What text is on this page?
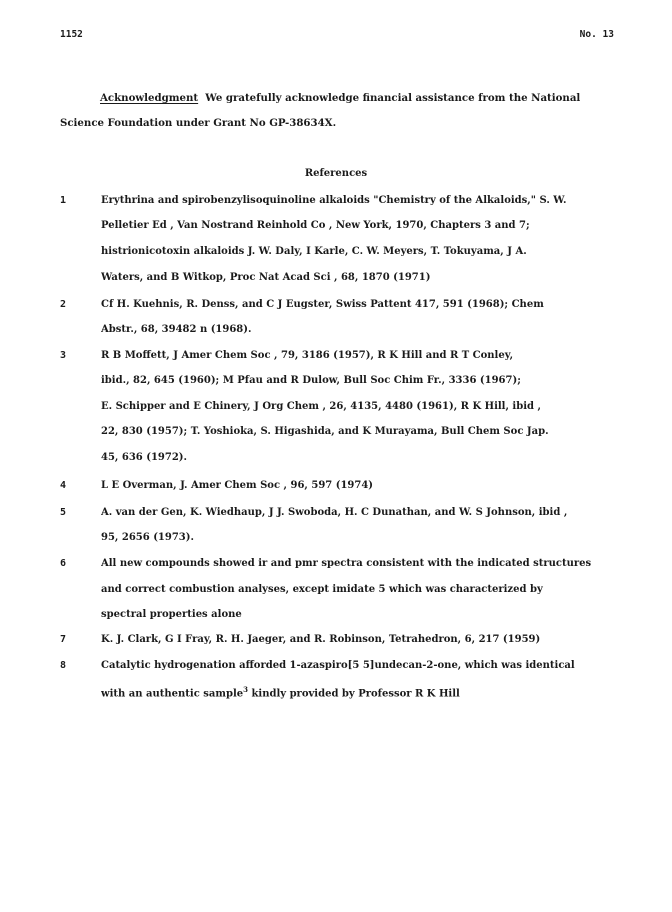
1152	No. 13
Acknowledgment We gratefully acknowledge financial assistance from the National
Science Foundation under Grant No GP-38634X.
References
1	Erythrina and spirobenzylisoquinoline alkaloids "Chemistry of the Alkaloids," S. W.
Pelletier Ed , Van Nostrand Reinhold Co , New York, 1970, Chapters 3 and 7;
histrionicotoxin alkaloids J. W. Daly, I Karle, C. W. Meyers, T. Tokuyama, J A.
Waters, and B Witkop, Proc Nat Acad Sci , 68, 1870 (1971)
2	Cf H. Kuehnis, R. Denss, and C J Eugster, Swiss Pattent 417, 591 (1968); Chem
Abstr., 68, 39482 n (1968).
3	R B Moffett, J Amer Chem Soc , 79, 3186 (1957), R K Hill and R T Conley,
ibid., 82, 645 (1960); M Pfau and R Dulow, Bull Soc Chim Fr., 3336 (1967);
E. Schipper and E Chinery, J Org Chem , 26, 4135, 4480 (1961), R K Hill, ibid ,
22, 830 (1957); T. Yoshioka, S. Higashida, and K Murayama, Bull Chem Soc Jap.
45, 636 (1972).
4	L E Overman, J. Amer Chem Soc , 96, 597 (1974)
5	A. van der Gen, K. Wiedhaup, J J. Swoboda, H. C Dunathan, and W. S Johnson, ibid ,
95, 2656 (1973).
6	All new compounds showed ir and pmr spectra consistent with the indicated structures
and correct combustion analyses, except imidate 5 which was characterized by
spectral properties alone
7	K. J. Clark, G I Fray, R. H. Jaeger, and R. Robinson, Tetrahedron, 6, 217 (1959)
8	Catalytic hydrogenation afforded 1-azaspiro[5 5]undecan-2-one, which was identical
with an authentic sample$^3$ kindly provided by Professor R K Hill
